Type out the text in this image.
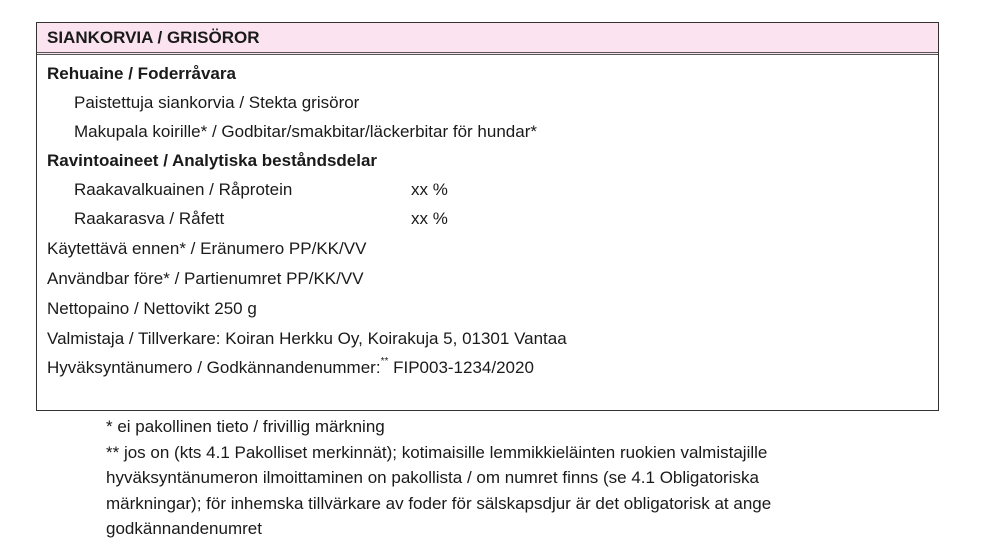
SIANKORVIA / GRISÖROR
Rehuaine / Foderråvara
Paistettuja siankorvia / Stekta grisöror
Makupala koirille* / Godbitar/smakbitar/läckerbitar för hundar*
Ravintoaineet / Analytiska beståndsdelar
Raakavalkuainen / Råprotein	xx %
Raakarasva / Råfett	xx %
Käytettävä ennen* / Eränumero PP/KK/VV
Användbar före* / Partienumret PP/KK/VV
Nettopaino / Nettovikt 250 g
Valmistaja / Tillverkare: Koiran Herkku Oy, Koirakuja 5, 01301 Vantaa
Hyväksyntänumero / Godkännandenummer:** FIP003-1234/2020
* ei pakollinen tieto / frivillig märkning
** jos on (kts 4.1 Pakolliset merkinnät); kotimaisille lemmikkieläinten ruokien valmistajille
hyväksyntänumeron ilmoittaminen on pakollista / om numret finns (se 4.1 Obligatoriska
märkningar); för inhemska tillvärkare av foder för sälskapsdjur är det obligatorisk at ange
godkännandenumret
